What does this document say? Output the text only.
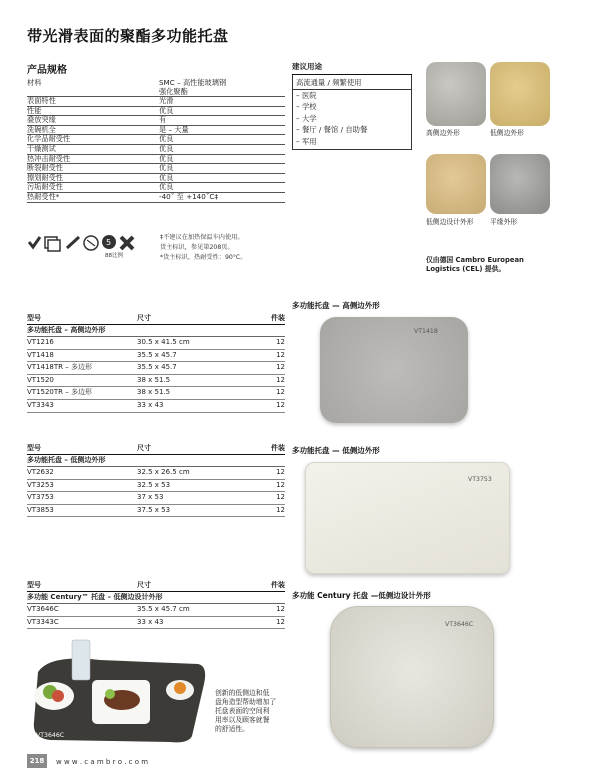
带光滑表面的聚酯多功能托盘
产品规格
材料	SMC – 高性能玻璃钢
强化聚酯
表面特性	光滑
性能	优良
叠放突缘	有
洗碗机全	是 – 大量
化学品耐受性	优良
干燥测试	优良
热冲击耐受性	优良
断裂耐受性	优良
擦划耐受性	优良
污垢耐受性	优良
热耐受性*	-40˚ 至 +140˚C‡
5
88比例
‡不建议在加热保温车内使用。
货主标识，参见第208页。
*货主标识，热耐受性：90°C。
建议用途
高流通量 / 频繁使用
– 医院
– 学校
– 大学
– 餐厅 / 餐馆 / 自助餐
– 军用
高侧边外形	低侧边外形
低侧边设计外形	平缘外形
仅由德国 Cambro European Logistics (CEL) 提供。
型号	尺寸	件装
多功能托盘 – 高侧边外形
VT1216	30.5 x 41.5 cm	12
VT1418	35.5 x 45.7	12
VT1418TR – 多边形	35.5 x 45.7	12
VT1520	38 x 51.5	12
VT1520TR – 多边形	38 x 51.5	12
VT3343	33 x 43	12
多功能托盘 — 高侧边外形
VT1418
型号	尺寸	件装
多功能托盘 – 低侧边外形
VT2632	32.5 x 26.5 cm	12
VT3253	32.5 x 53	12
VT3753	37 x 53	12
VT3853	37.5 x 53	12
多功能托盘 — 低侧边外形
VT3753
型号	尺寸	件装
多功能 Century™ 托盘 – 低侧边设计外形
VT3646C	35.5 x 45.7 cm	12
VT3343C	33 x 43	12
多功能 Century 托盘 —低侧边设计外形
VT3646C
VT3646C
创新的低侧边和低
盘角造型帮助增加了
托盘表面的空间利
用率以及顾客就餐
的舒适性。
218	w w w . c a m b r o . c o m
